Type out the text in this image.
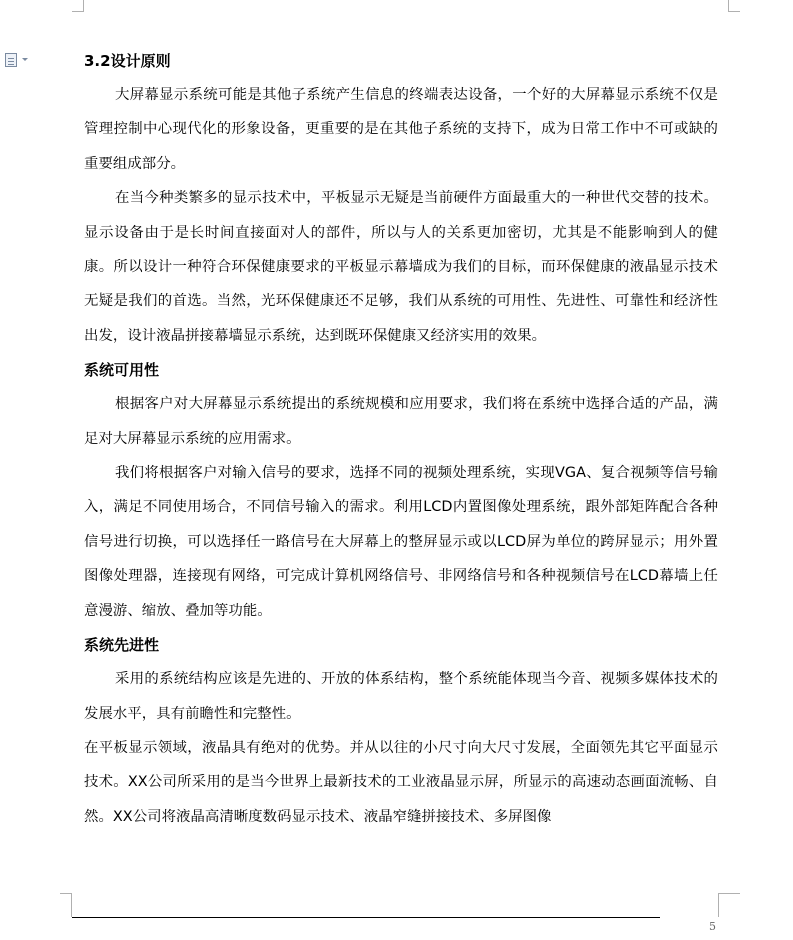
3.2设计原则

大屏幕显示系统可能是其他子系统产生信息的终端表达设备，一个好的大屏幕显示系统不仅是管理控制中心现代化的形象设备，更重要的是在其他子系统的支持下，成为日常工作中不可或缺的重要组成部分。

在当今种类繁多的显示技术中，平板显示无疑是当前硬件方面最重大的一种世代交替的技术。显示设备由于是长时间直接面对人的部件，所以与人的关系更加密切，尤其是不能影响到人的健康。所以设计一种符合环保健康要求的平板显示幕墙成为我们的目标，而环保健康的液晶显示技术无疑是我们的首选。当然，光环保健康还不足够，我们从系统的可用性、先进性、可靠性和经济性出发，设计液晶拼接幕墙显示系统，达到既环保健康又经济实用的效果。

系统可用性

根据客户对大屏幕显示系统提出的系统规模和应用要求，我们将在系统中选择合适的产品，满足对大屏幕显示系统的应用需求。

我们将根据客户对输入信号的要求，选择不同的视频处理系统，实现VGA、复合视频等信号输入，满足不同使用场合，不同信号输入的需求。利用LCD内置图像处理系统，跟外部矩阵配合各种信号进行切换，可以选择任一路信号在大屏幕上的整屏显示或以LCD屏为单位的跨屏显示；用外置图像处理器，连接现有网络，可完成计算机网络信号、非网络信号和各种视频信号在LCD幕墙上任意漫游、缩放、叠加等功能。

系统先进性

采用的系统结构应该是先进的、开放的体系结构，整个系统能体现当今音、视频多媒体技术的发展水平，具有前瞻性和完整性。

在平板显示领域，液晶具有绝对的优势。并从以往的小尺寸向大尺寸发展，全面领先其它平面显示技术。XX公司所采用的是当今世界上最新技术的工业液晶显示屏，所显示的高速动态画面流畅、自然。XX公司将液晶高清晰度数码显示技术、液晶窄缝拼接技术、多屏图像

5
